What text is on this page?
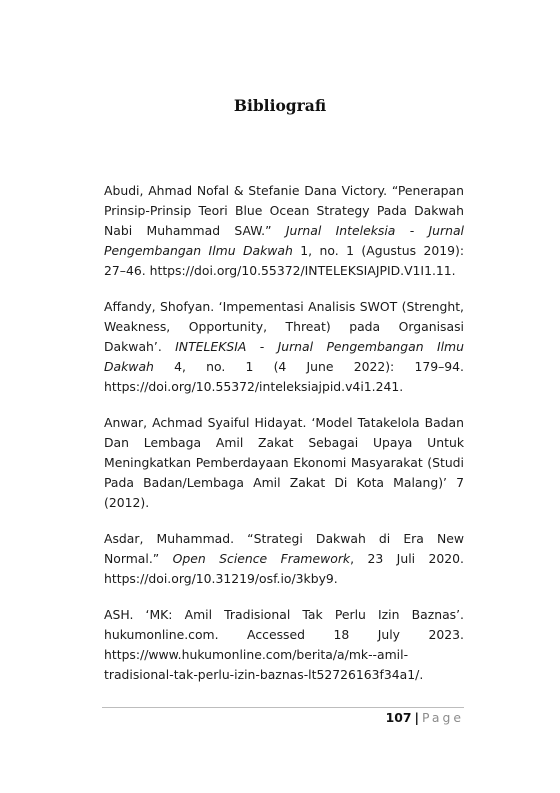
Bibliografi

Abudi, Ahmad Nofal & Stefanie Dana Victory. “Penerapan Prinsip-Prinsip Teori Blue Ocean Strategy Pada Dakwah Nabi Muhammad SAW.” Jurnal Inteleksia - Jurnal Pengembangan Ilmu Dakwah 1, no. 1 (Agustus 2019): 27–46. https://doi.org/10.55372/INTELEKSIAJPID.V1I1.11.

Affandy, Shofyan. ‘Impementasi Analisis SWOT (Strenght, Weakness, Opportunity, Threat) pada Organisasi Dakwah’. INTELEKSIA - Jurnal Pengembangan Ilmu Dakwah 4, no. 1 (4 June 2022): 179–94. https://doi.org/10.55372/inteleksiajpid.v4i1.241.

Anwar, Achmad Syaiful Hidayat. ‘Model Tatakelola Badan Dan Lembaga Amil Zakat Sebagai Upaya Untuk Meningkatkan Pemberdayaan Ekonomi Masyarakat (Studi Pada Badan/Lembaga Amil Zakat Di Kota Malang)’ 7 (2012).

Asdar, Muhammad. “Strategi Dakwah di Era New Normal.” Open Science Framework, 23 Juli 2020. https://doi.org/10.31219/osf.io/3kby9.

ASH. ‘MK: Amil Tradisional Tak Perlu Izin Baznas’. hukumonline.com. Accessed 18 July 2023. https://www.hukumonline.com/berita/a/mk--amil-tradisional-tak-perlu-izin-baznas-lt52726163f34a1/.

107 | Page
